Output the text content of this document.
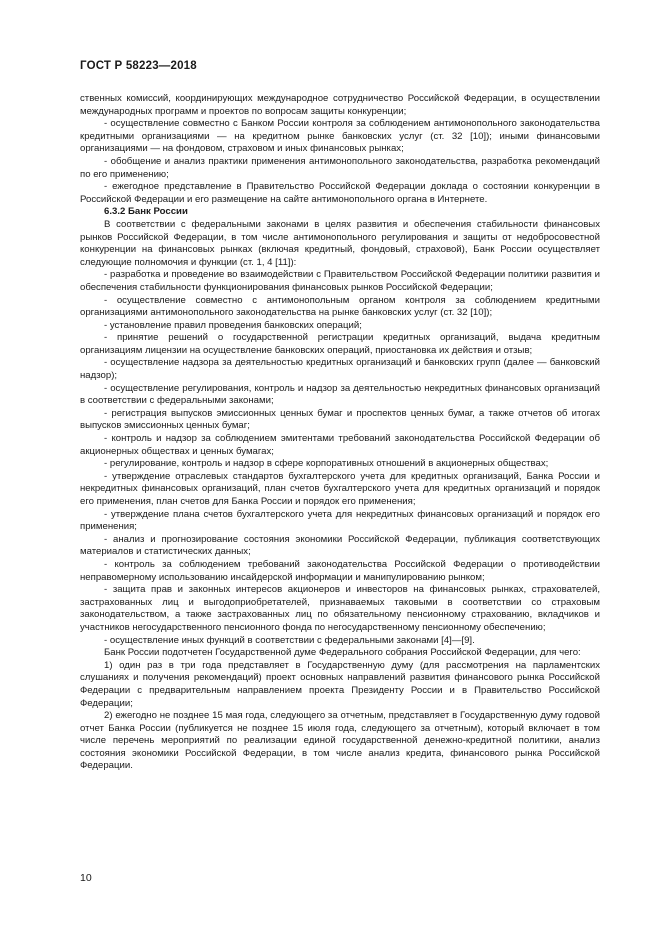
ГОСТ Р 58223—2018

ственных комиссий, координирующих международное сотрудничество Российской Федерации, в осуществлении международных программ и проектов по вопросам защиты конкуренции;

- осуществление совместно с Банком России контроля за соблюдением антимонопольного законодательства кредитными организациями — на кредитном рынке банковских услуг (ст. 32 [10]); иными финансовыми организациями — на фондовом, страховом и иных финансовых рынках;

- обобщение и анализ практики применения антимонопольного законодательства, разработка рекомендаций по его применению;

- ежегодное представление в Правительство Российской Федерации доклада о состоянии конкуренции в Российской Федерации и его размещение на сайте антимонопольного органа в Интернете.

6.3.2 Банк России

В соответствии с федеральными законами в целях развития и обеспечения стабильности финансовых рынков Российской Федерации, в том числе антимонопольного регулирования и защиты от недобросовестной конкуренции на финансовых рынках (включая кредитный, фондовый, страховой), Банк России осуществляет следующие полномочия и функции (ст. 1, 4 [11]):

- разработка и проведение во взаимодействии с Правительством Российской Федерации политики развития и обеспечения стабильности функционирования финансовых рынков Российской Федерации;

- осуществление совместно с антимонопольным органом контроля за соблюдением кредитными организациями антимонопольного законодательства на рынке банковских услуг (ст. 32 [10]);

- установление правил проведения банковских операций;

- принятие решений о государственной регистрации кредитных организаций, выдача кредитным организациям лицензии на осуществление банковских операций, приостановка их действия и отзыв;

- осуществление надзора за деятельностью кредитных организаций и банковских групп (далее — банковский надзор);

- осуществление регулирования, контроль и надзор за деятельностью некредитных финансовых организаций в соответствии с федеральными законами;

- регистрация выпусков эмиссионных ценных бумаг и проспектов ценных бумаг, а также отчетов об итогах выпусков эмиссионных ценных бумаг;

- контроль и надзор за соблюдением эмитентами требований законодательства Российской Федерации об акционерных обществах и ценных бумагах;

- регулирование, контроль и надзор в сфере корпоративных отношений в акционерных обществах;

- утверждение отраслевых стандартов бухгалтерского учета для кредитных организаций, Банка России и некредитных финансовых организаций, план счетов бухгалтерского учета для кредитных организаций и порядок его применения, план счетов для Банка России и порядок его применения;

- утверждение плана счетов бухгалтерского учета для некредитных финансовых организаций и порядок его применения;

- анализ и прогнозирование состояния экономики Российской Федерации, публикация соответствующих материалов и статистических данных;

- контроль за соблюдением требований законодательства Российской Федерации о противодействии неправомерному использованию инсайдерской информации и манипулированию рынком;

- защита прав и законных интересов акционеров и инвесторов на финансовых рынках, страхователей, застрахованных лиц и выгодоприобретателей, признаваемых таковыми в соответствии со страховым законодательством, а также застрахованных лиц по обязательному пенсионному страхованию, вкладчиков и участников негосударственного пенсионного фонда по негосударственному пенсионному обеспечению;

- осуществление иных функций в соответствии с федеральными законами [4]—[9].

Банк России подотчетен Государственной думе Федерального собрания Российской Федерации, для чего:

1) один раз в три года представляет в Государственную думу (для рассмотрения на парламентских слушаниях и получения рекомендаций) проект основных направлений развития финансового рынка Российской Федерации с предварительным направлением проекта Президенту России и в Правительство Российской Федерации;

2) ежегодно не позднее 15 мая года, следующего за отчетным, представляет в Государственную думу годовой отчет Банка России (публикуется не позднее 15 июля года, следующего за отчетным), который включает в том числе перечень мероприятий по реализации единой государственной денежно-кредитной политики, анализ состояния экономики Российской Федерации, в том числе анализ кредита, финансового рынка Российской Федерации.

10
